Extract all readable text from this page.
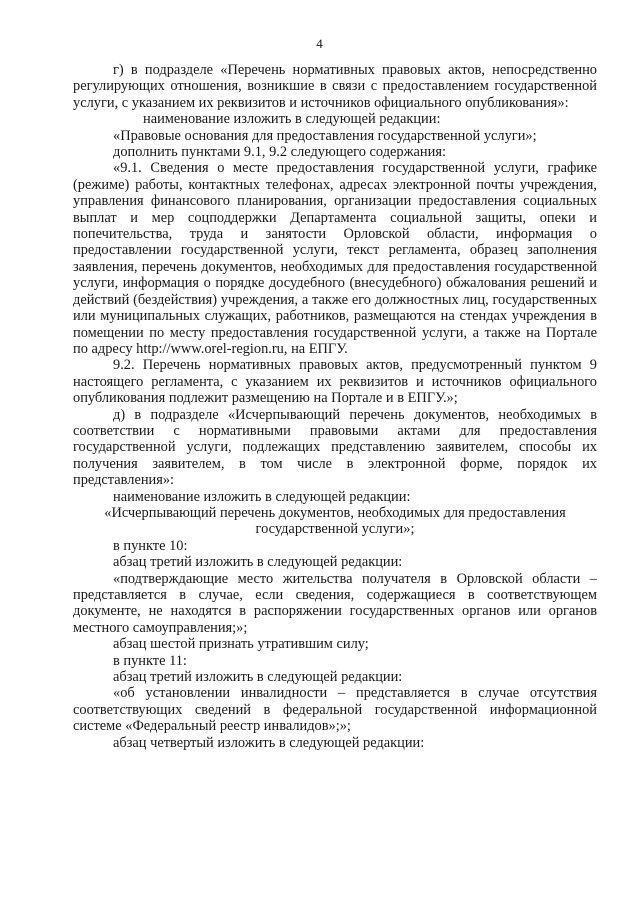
4

г) в подразделе «Перечень нормативных правовых актов, непосредственно регулирующих отношения, возникшие в связи с предоставлением государственной услуги, с указанием их реквизитов и источников официального опубликования»:

наименование изложить в следующей редакции:

«Правовые основания для предоставления государственной услуги»;

дополнить пунктами 9.1, 9.2 следующего содержания:

«9.1. Сведения о месте предоставления государственной услуги, графике (режиме) работы, контактных телефонах, адресах электронной почты учреждения, управления финансового планирования, организации предоставления социальных выплат и мер соцподдержки Департамента социальной защиты, опеки и попечительства, труда и занятости Орловской области, информация о предоставлении государственной услуги, текст регламента, образец заполнения заявления, перечень документов, необходимых для предоставления государственной услуги, информация о порядке досудебного (внесудебного) обжалования решений и действий (бездействия) учреждения, а также его должностных лиц, государственных или муниципальных служащих, работников, размещаются на стендах учреждения в помещении по месту предоставления государственной услуги, а также на Портале по адресу http://www.orel-region.ru, на ЕПГУ.

9.2. Перечень нормативных правовых актов, предусмотренный пунктом 9 настоящего регламента, с указанием их реквизитов и источников официального опубликования подлежит размещению на Портале и в ЕПГУ.»;

д) в подразделе «Исчерпывающий перечень документов, необходимых в соответствии с нормативными правовыми актами для предоставления государственной услуги, подлежащих представлению заявителем, способы их получения заявителем, в том числе в электронной форме, порядок их представления»:

наименование изложить в следующей редакции:

«Исчерпывающий перечень документов, необходимых для предоставления государственной услуги»;

в пункте 10:

абзац третий изложить в следующей редакции:

«подтверждающие место жительства получателя в Орловской области – представляется в случае, если сведения, содержащиеся в соответствующем документе, не находятся в распоряжении государственных органов или органов местного самоуправления;»;

абзац шестой признать утратившим силу;

в пункте 11:

абзац третий изложить в следующей редакции:

«об установлении инвалидности – представляется в случае отсутствия соответствующих сведений в федеральной государственной информационной системе «Федеральный реестр инвалидов»;»;

абзац четвертый изложить в следующей редакции:
